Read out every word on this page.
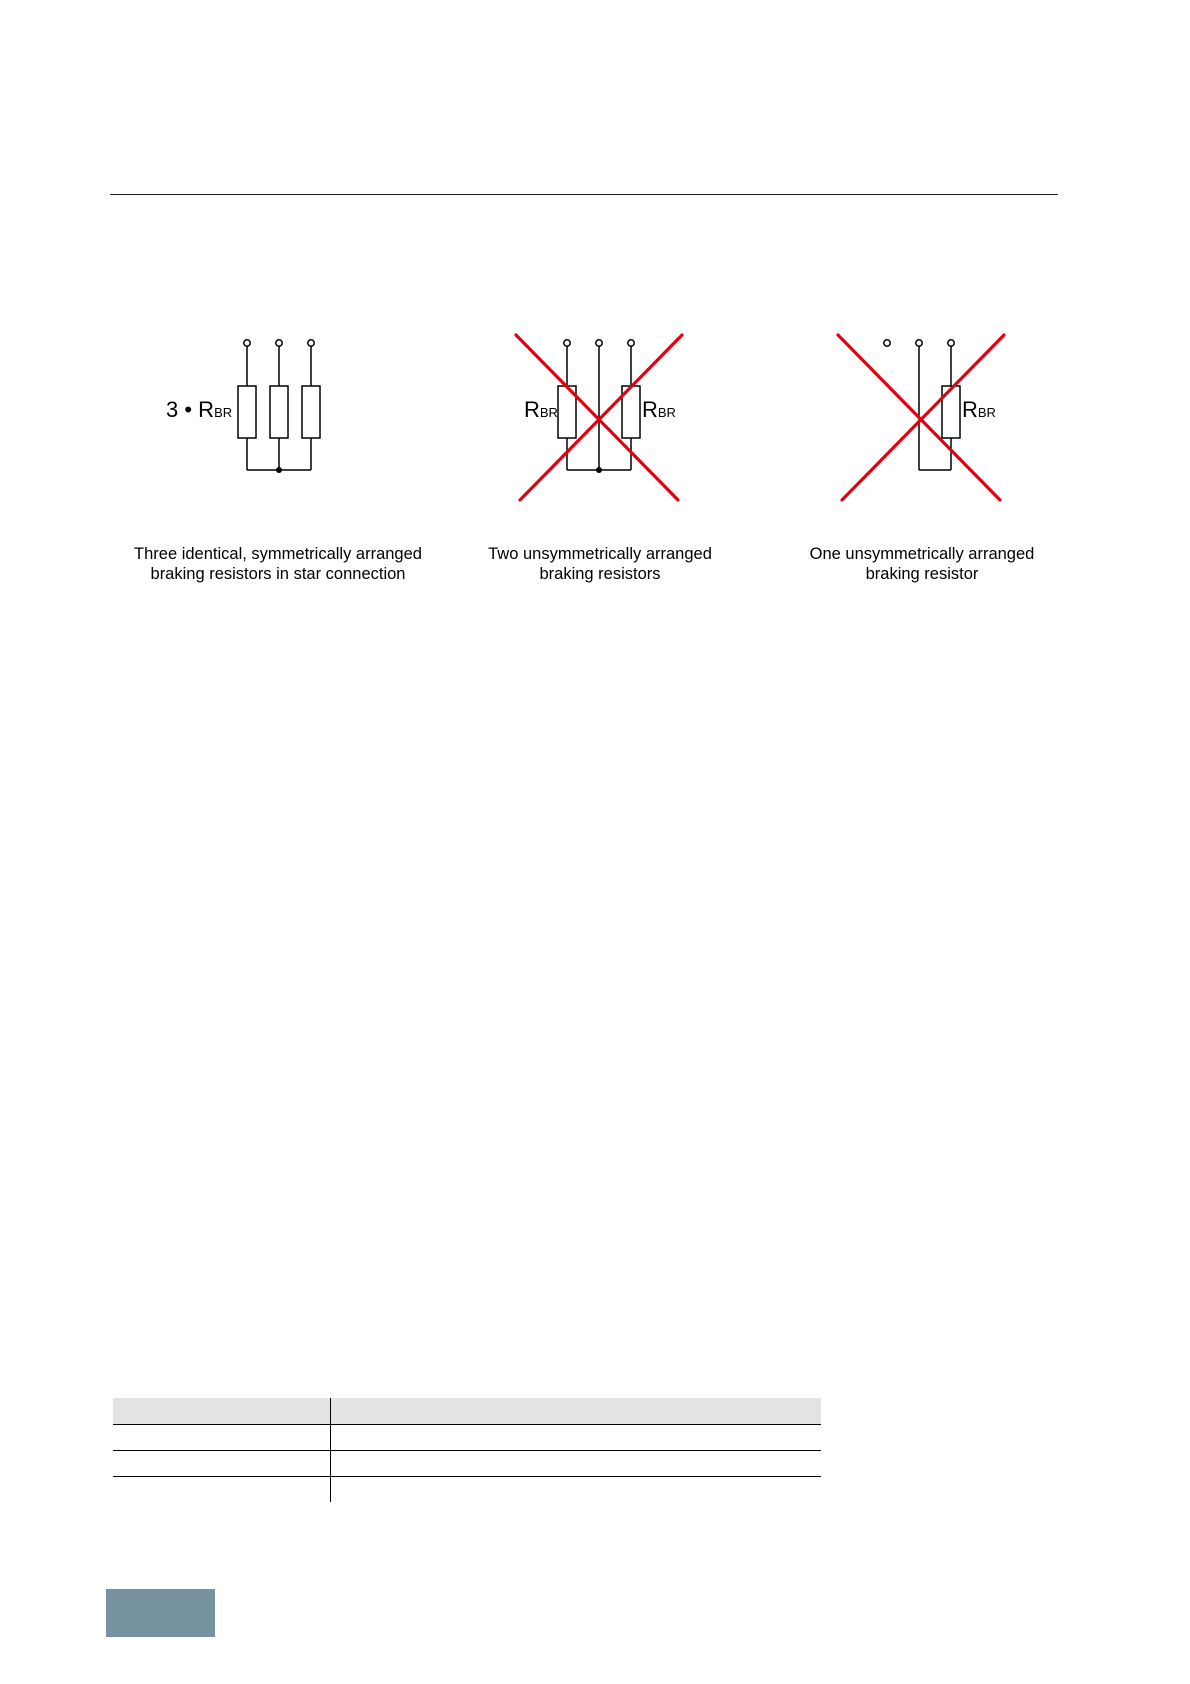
3 • RBR	RBR	RBR	RBR
Three identical, symmetrically arranged
braking resistors in star connection
Two unsymmetrically arranged
braking resistors
One unsymmetrically arranged
braking resistor
